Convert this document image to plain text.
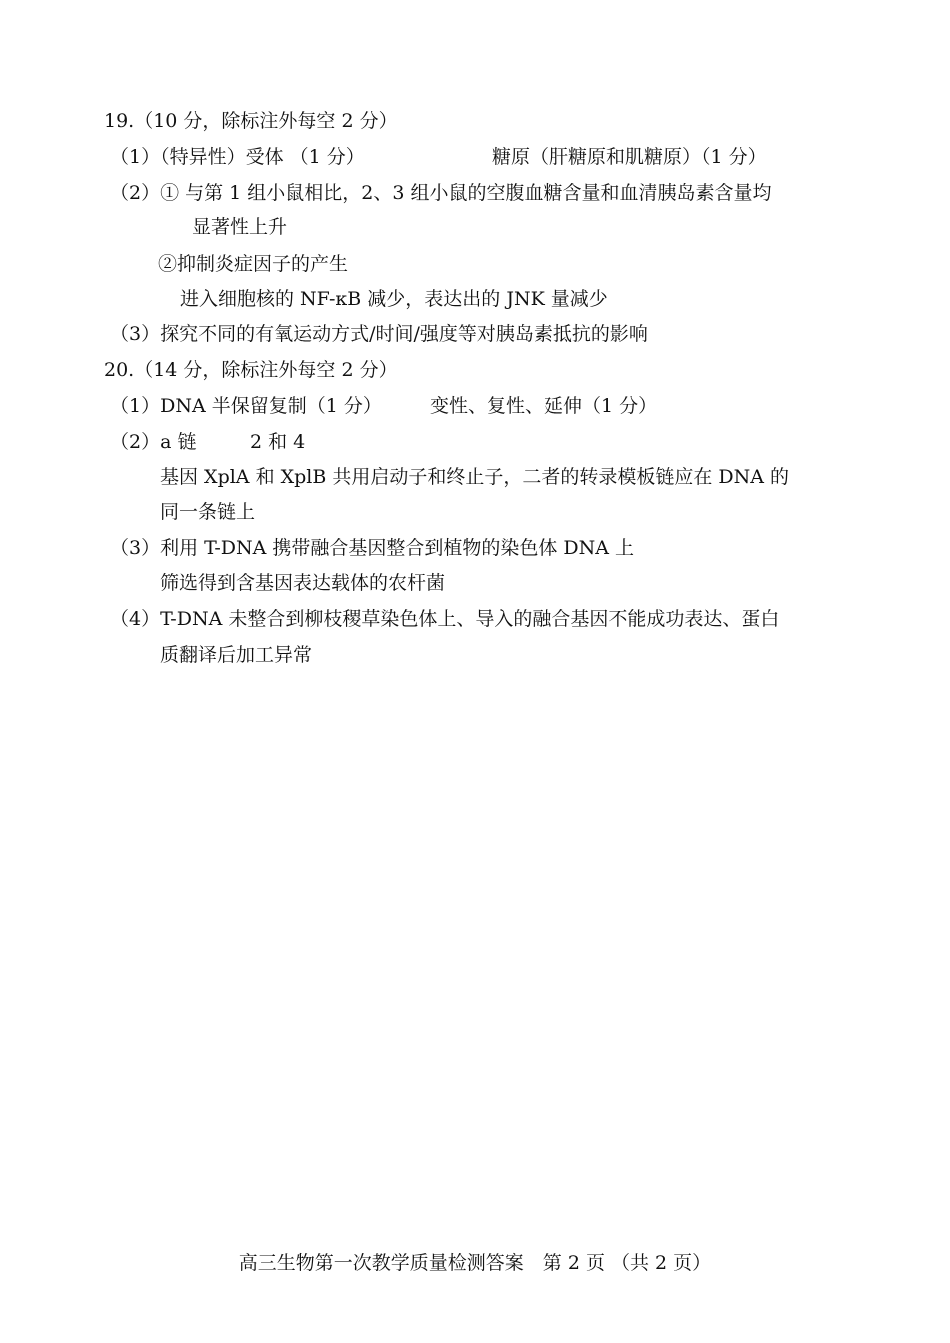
19.（10 分，除标注外每空 2 分）
（1）（特异性）受体 （1 分）	糖原（肝糖原和肌糖原）（1 分）
（2）① 与第 1 组小鼠相比，2、3 组小鼠的空腹血糖含量和血清胰岛素含量均
显著性上升
②抑制炎症因子的产生
进入细胞核的 NF-κB 减少，表达出的 JNK 量减少
（3）探究不同的有氧运动方式/时间/强度等对胰岛素抵抗的影响
20.（14 分，除标注外每空 2 分）
（1）DNA 半保留复制（1 分）	变性、复性、延伸（1 分）
（2）a 链	2 和 4
基因 XplA 和 XplB 共用启动子和终止子，二者的转录模板链应在 DNA 的
同一条链上
（3）利用 T-DNA 携带融合基因整合到植物的染色体 DNA 上
筛选得到含基因表达载体的农杆菌
（4）T-DNA 未整合到柳枝稷草染色体上、导入的融合基因不能成功表达、蛋白
质翻译后加工异常
高三生物第一次教学质量检测答案　第 2 页 （共 2 页）
